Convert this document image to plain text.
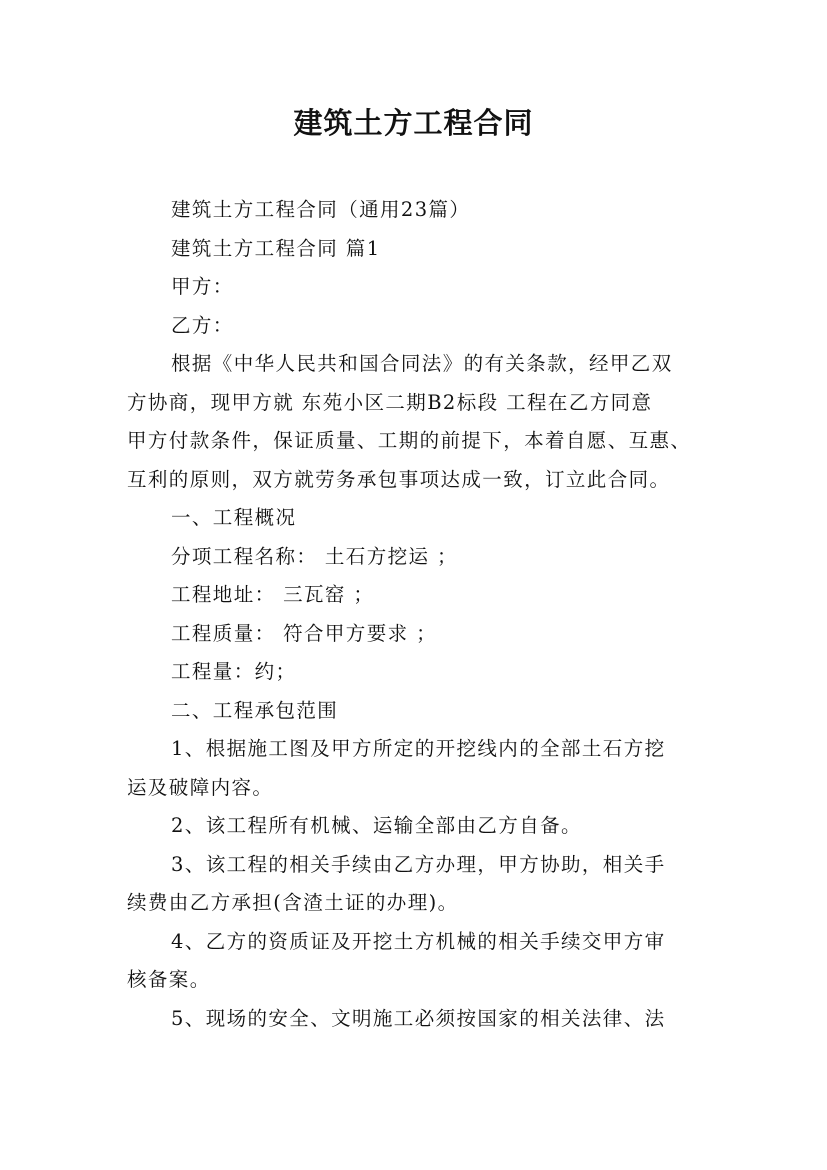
建筑土方工程合同
建筑土方工程合同（通用23篇）
建筑土方工程合同 篇1
甲方：
乙方：
根据《中华人民共和国合同法》的有关条款，经甲乙双
方协商，现甲方就 东苑小区二期B2标段 工程在乙方同意
甲方付款条件，保证质量、工期的前提下，本着自愿、互惠、
互利的原则，双方就劳务承包事项达成一致，订立此合同。
一、工程概况
分项工程名称： 土石方挖运 ；
工程地址： 三瓦窑 ；
工程质量： 符合甲方要求 ；
工程量：约；
二、工程承包范围
1、根据施工图及甲方所定的开挖线内的全部土石方挖
运及破障内容。
2、该工程所有机械、运输全部由乙方自备。
3、该工程的相关手续由乙方办理，甲方协助，相关手
续费由乙方承担(含渣土证的办理)。
4、乙方的资质证及开挖土方机械的相关手续交甲方审
核备案。
5、现场的安全、文明施工必须按国家的相关法律、法
